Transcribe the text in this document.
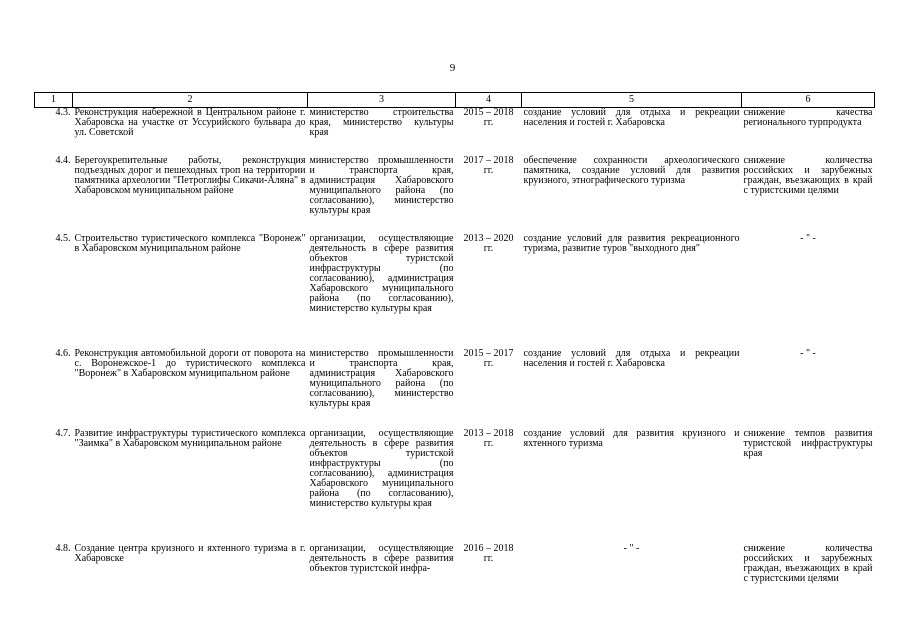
9
1	2	3	4	5	6
4.3.	Реконструкция набережной в Центральном районе г. Хабаровска на участке от Уссурийского бульвара до ул. Советской	министерство строительства края, министерство культуры края	2015 – 2018 гг.	создание условий для отдыха и рекреации населения и гостей г. Хабаровска	снижение качества регионального турпродукта
4.4.	Берегоукрепительные работы, реконструкция подъездных дорог и пешеходных троп на территории памятника археологии "Петроглифы Сикачи-Аляна" в Хабаровском муниципальном районе	министерство промышленности и транспорта края, администрация Хабаровского муниципального района (по согласованию), министерство культуры края	2017 – 2018 гг.	обеспечение сохранности археологического памятника, создание условий для развития круизного, этнографического туризма	снижение количества российских и зарубежных граждан, въезжающих в край с туристскими целями
4.5.	Строительство туристического комплекса "Воронеж" в Хабаровском муниципальном районе	организации, осуществляющие деятельность в сфере развития объектов туристской инфраструктуры (по согласованию), администрация Хабаровского муниципального района (по согласованию), министерство культуры края	2013 – 2020 гг.	создание условий для развития рекреационного туризма, развитие туров "выходного дня"	- " -
4.6.	Реконструкция автомобильной дороги от поворота на с. Воронежское-1 до туристического комплекса "Воронеж" в Хабаровском муниципальном районе	министерство промышленности и транспорта края, администрация Хабаровского муниципального района (по согласованию), министерство культуры края	2015 – 2017 гг.	создание условий для отдыха и рекреации населения и гостей г. Хабаровска	- " -
4.7.	Развитие инфраструктуры туристического комплекса "Заимка" в Хабаровском муниципальном районе	организации, осуществляющие деятельность в сфере развития объектов туристской инфраструктуры (по согласованию), администрация Хабаровского муниципального района (по согласованию), министерство культуры края	2013 – 2018 гг.	создание условий для развития круизного и яхтенного туризма	снижение темпов развития туристской инфраструктуры края
4.8.	Создание центра круизного и яхтенного туризма в г. Хабаровске	организации, осуществляющие деятельность в сфере развития объектов туристской инфра-	2016 – 2018 гг.	- " -	снижение количества российских и зарубежных граждан, въезжающих в край с туристскими целями
